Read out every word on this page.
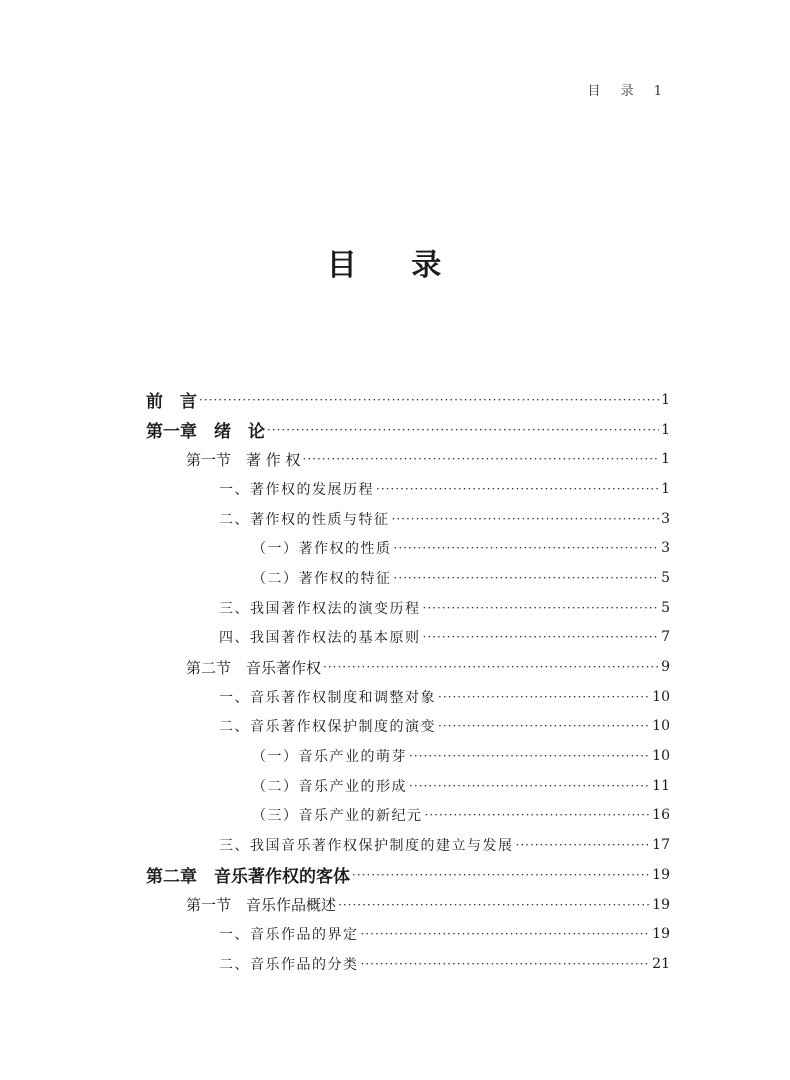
目 录 1
目 录
前　言 ·····	1
第一章　绪　论 ·····	1
第一节　著 作 权 ·····	1
一、著作权的发展历程 ·····	1
二、著作权的性质与特征 ·····	3
（一）著作权的性质 ·····	3
（二）著作权的特征 ·····	5
三、我国著作权法的演变历程 ·····	5
四、我国著作权法的基本原则 ·····	7
第二节　音乐著作权 ·····	9
一、音乐著作权制度和调整对象 ·····	10
二、音乐著作权保护制度的演变 ·····	10
（一）音乐产业的萌芽 ·····	10
（二）音乐产业的形成 ·····	11
（三）音乐产业的新纪元 ·····	16
三、我国音乐著作权保护制度的建立与发展 ·····	17
第二章　音乐著作权的客体 ·····	19
第一节　音乐作品概述 ·····	19
一、音乐作品的界定 ·····	19
二、音乐作品的分类 ·····	21
